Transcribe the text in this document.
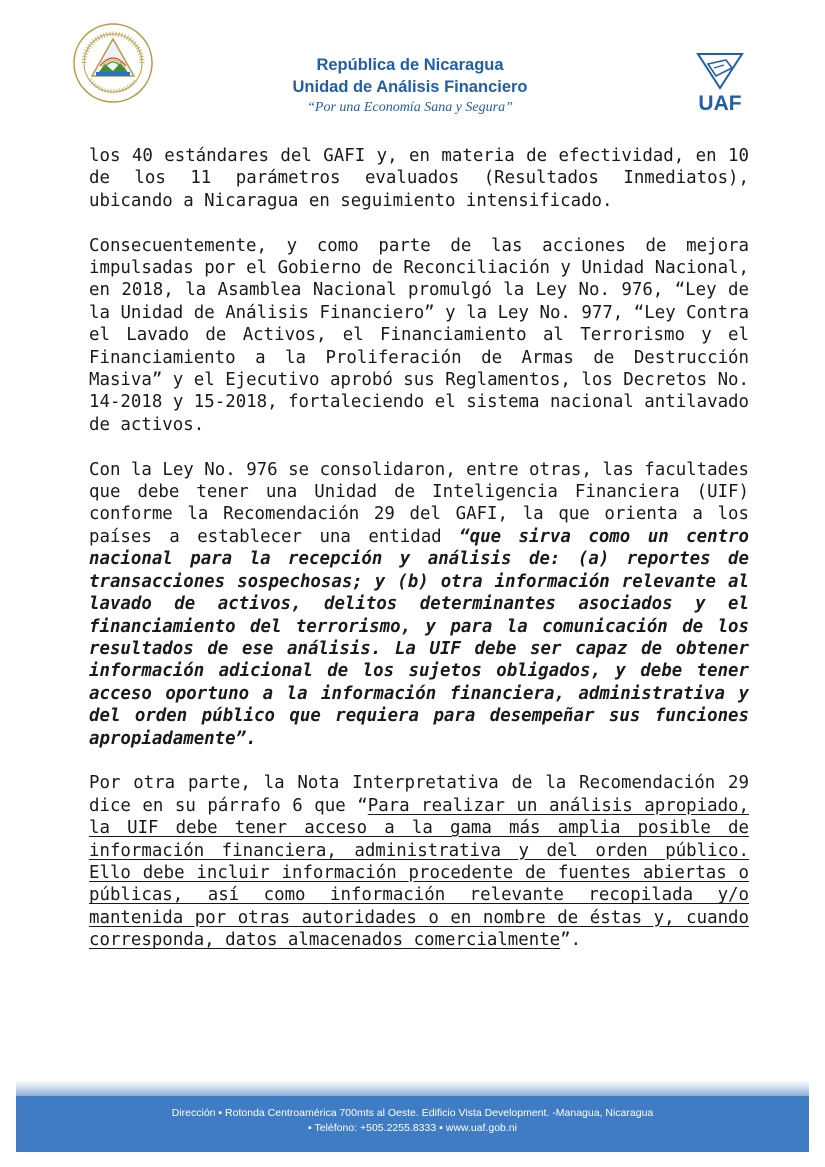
República de Nicaragua
Unidad de Análisis Financiero
“Por una Economía Sana y Segura”	UAF

los 40 estándares del GAFI y, en materia de efectividad, en 10 de los 11 parámetros evaluados (Resultados Inmediatos), ubicando a Nicaragua en seguimiento intensificado.

Consecuentemente, y como parte de las acciones de mejora impulsadas por el Gobierno de Reconciliación y Unidad Nacional, en 2018, la Asamblea Nacional promulgó la Ley No. 976, “Ley de la Unidad de Análisis Financiero” y la Ley No. 977, “Ley Contra el Lavado de Activos, el Financiamiento al Terrorismo y el Financiamiento a la Proliferación de Armas de Destrucción Masiva” y el Ejecutivo aprobó sus Reglamentos, los Decretos No. 14-2018 y 15-2018, fortaleciendo el sistema nacional antilavado de activos.

Con la Ley No. 976 se consolidaron, entre otras, las facultades que debe tener una Unidad de Inteligencia Financiera (UIF) conforme la Recomendación 29 del GAFI, la que orienta a los países a establecer una entidad “que sirva como un centro nacional para la recepción y análisis de: (a) reportes de transacciones sospechosas; y (b) otra información relevante al lavado de activos, delitos determinantes asociados y el financiamiento del terrorismo, y para la comunicación de los resultados de ese análisis. La UIF debe ser capaz de obtener información adicional de los sujetos obligados, y debe tener acceso oportuno a la información financiera, administrativa y del orden público que requiera para desempeñar sus funciones apropiadamente”.

Por otra parte, la Nota Interpretativa de la Recomendación 29 dice en su párrafo 6 que “Para realizar un análisis apropiado, la UIF debe tener acceso a la gama más amplia posible de información financiera, administrativa y del orden público. Ello debe incluir información procedente de fuentes abiertas o públicas, así como información relevante recopilada y/o mantenida por otras autoridades o en nombre de éstas y, cuando corresponda, datos almacenados comercialmente”.

Dirección ▪ Rotonda Centroamérica 700mts al Oeste. Edificio Vista Development. -Managua, Nicaragua
▪ Teléfono: +505.2255.8333 ▪ www.uaf.gob.ni
